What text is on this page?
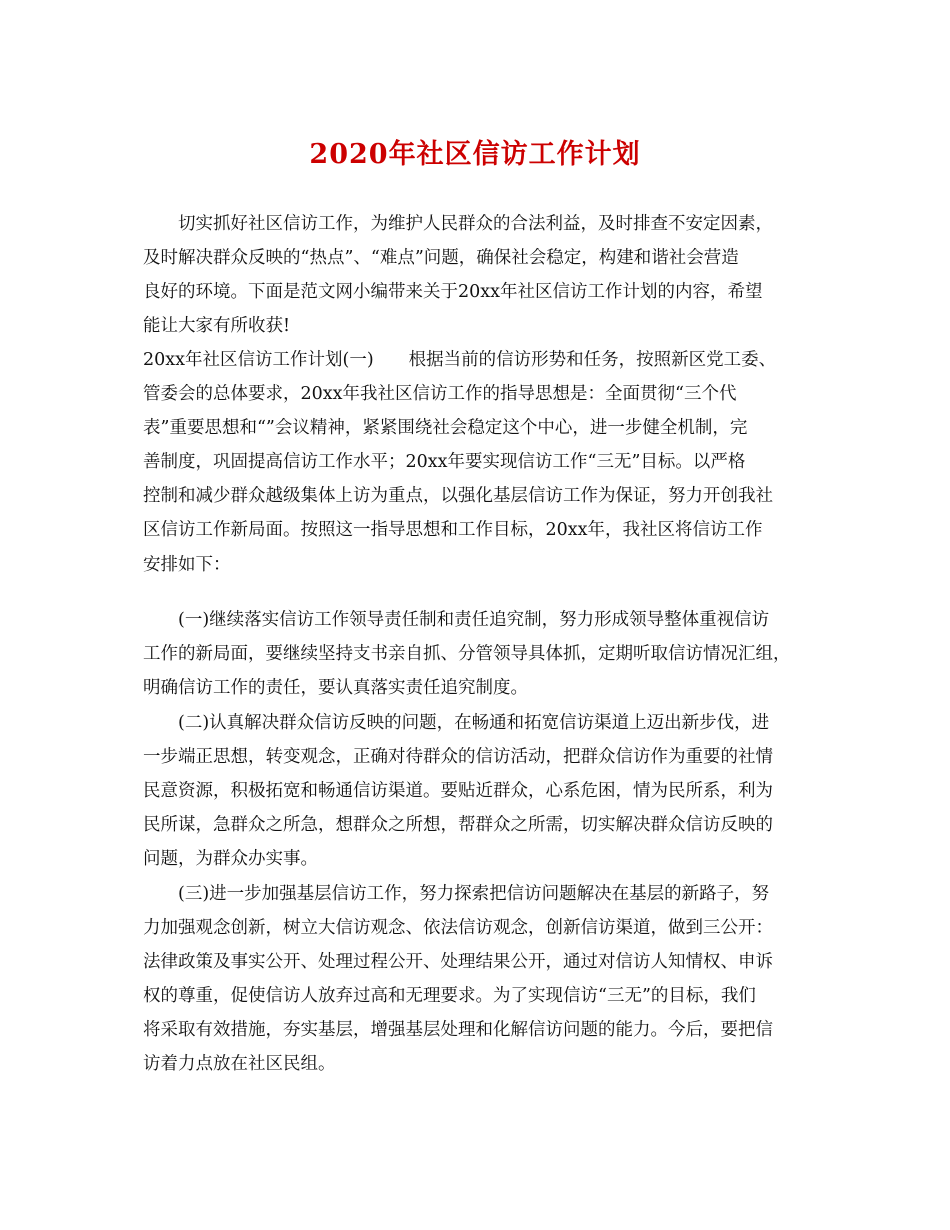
2020年社区信访工作计划

　　切实抓好社区信访工作，为维护人民群众的合法利益，及时排查不安定因素，

及时解决群众反映的“热点”、“难点”问题，确保社会稳定，构建和谐社会营造

良好的环境。下面是范文网小编带来关于20xx年社区信访工作计划的内容，希望

能让大家有所收获!

20xx年社区信访工作计划(一)　　根据当前的信访形势和任务，按照新区党工委、

管委会的总体要求，20xx年我社区信访工作的指导思想是：全面贯彻“三个代

表”重要思想和“”会议精神，紧紧围绕社会稳定这个中心，进一步健全机制，完

善制度，巩固提高信访工作水平；20xx年要实现信访工作“三无”目标。以严格

控制和减少群众越级集体上访为重点，以强化基层信访工作为保证，努力开创我社

区信访工作新局面。按照这一指导思想和工作目标，20xx年，我社区将信访工作

安排如下：

　　(一)继续落实信访工作领导责任制和责任追究制，努力形成领导整体重视信访

工作的新局面，要继续坚持支书亲自抓、分管领导具体抓，定期听取信访情况汇组，

明确信访工作的责任，要认真落实责任追究制度。

　　(二)认真解决群众信访反映的问题，在畅通和拓宽信访渠道上迈出新步伐，进

一步端正思想，转变观念，正确对待群众的信访活动，把群众信访作为重要的社情

民意资源，积极拓宽和畅通信访渠道。要贴近群众，心系危困，情为民所系，利为

民所谋，急群众之所急，想群众之所想，帮群众之所需，切实解决群众信访反映的

问题，为群众办实事。

　　(三)进一步加强基层信访工作，努力探索把信访问题解决在基层的新路子，努

力加强观念创新，树立大信访观念、依法信访观念，创新信访渠道，做到三公开：

法律政策及事实公开、处理过程公开、处理结果公开，通过对信访人知情权、申诉

权的尊重，促使信访人放弃过高和无理要求。为了实现信访“三无”的目标，我们

将采取有效措施，夯实基层，增强基层处理和化解信访问题的能力。今后，要把信

访着力点放在社区民组。
